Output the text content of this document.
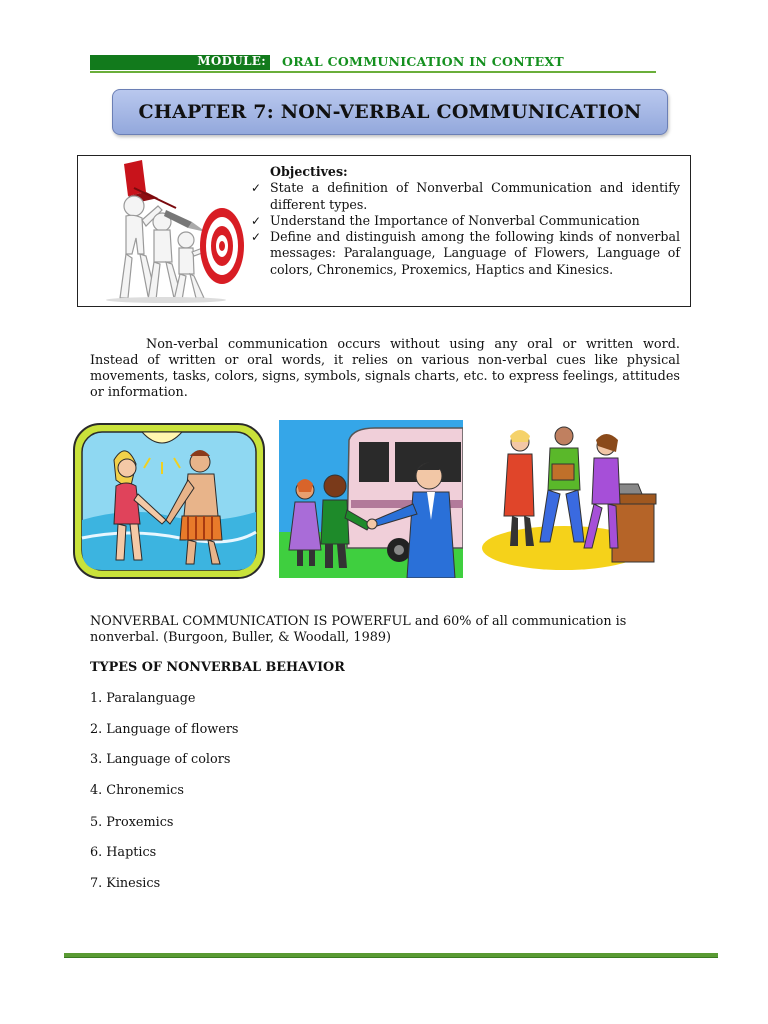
MODULE:	ORAL COMMUNICATION IN CONTEXT
CHAPTER 7: NON-VERBAL COMMUNICATION
Objectives:
✓ State a definition of Nonverbal Communication and identify different types.
✓ Understand the Importance of Nonverbal Communication
✓ Define and distinguish among the following kinds of nonverbal messages: Paralanguage, Language of Flowers, Language of colors, Chronemics, Proxemics, Haptics and Kinesics.
Non-verbal communication occurs without using any oral or written word. Instead of written or oral words, it relies on various non-verbal cues like physical movements, tasks, colors, signs, symbols, signals charts, etc. to express feelings, attitudes or information.
NONVERBAL COMMUNICATION IS POWERFUL and 60% of all communication is nonverbal. (Burgoon, Buller, & Woodall, 1989)
TYPES OF NONVERBAL BEHAVIOR
1. Paralanguage
2. Language of flowers
3. Language of colors
4. Chronemics
5. Proxemics
6. Haptics
7. Kinesics
